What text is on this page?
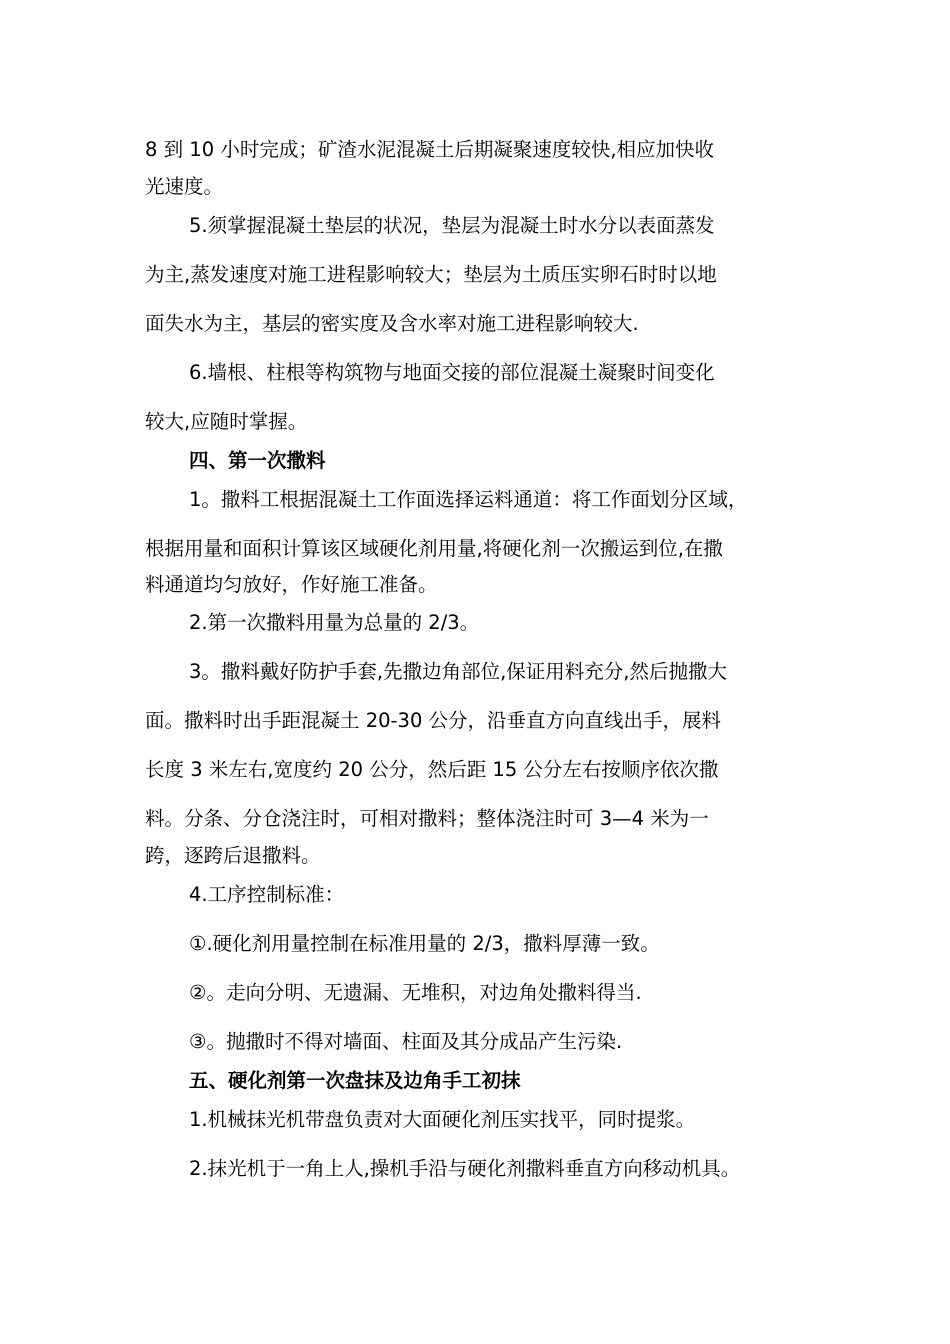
8 到 10 小时完成；矿渣水泥混凝土后期凝聚速度较快,相应加快收
光速度。
5.须掌握混凝土垫层的状况，垫层为混凝土时水分以表面蒸发
为主,蒸发速度对施工进程影响较大；垫层为土质压实卵石时时以地
面失水为主，基层的密实度及含水率对施工进程影响较大.
6.墙根、柱根等构筑物与地面交接的部位混凝土凝聚时间变化
较大,应随时掌握。
四、第一次撒料
1。撒料工根据混凝土工作面选择运料通道：将工作面划分区域，
根据用量和面积计算该区域硬化剂用量,将硬化剂一次搬运到位,在撒
料通道均匀放好，作好施工准备。
2.第一次撒料用量为总量的 2/3。
3。撒料戴好防护手套,先撒边角部位,保证用料充分,然后抛撒大
面。撒料时出手距混凝土 20-30 公分，沿垂直方向直线出手，展料
长度 3 米左右,宽度约 20 公分，然后距 15 公分左右按顺序依次撒
料。分条、分仓浇注时，可相对撒料；整体浇注时可 3—4 米为一
跨，逐跨后退撒料。
4.工序控制标准：
①.硬化剂用量控制在标准用量的 2/3，撒料厚薄一致。
②。走向分明、无遗漏、无堆积，对边角处撒料得当.
③。抛撒时不得对墙面、柱面及其分成品产生污染.
五、硬化剂第一次盘抹及边角手工初抹
1.机械抹光机带盘负责对大面硬化剂压实找平，同时提浆。
2.抹光机于一角上人,操机手沿与硬化剂撒料垂直方向移动机具。
